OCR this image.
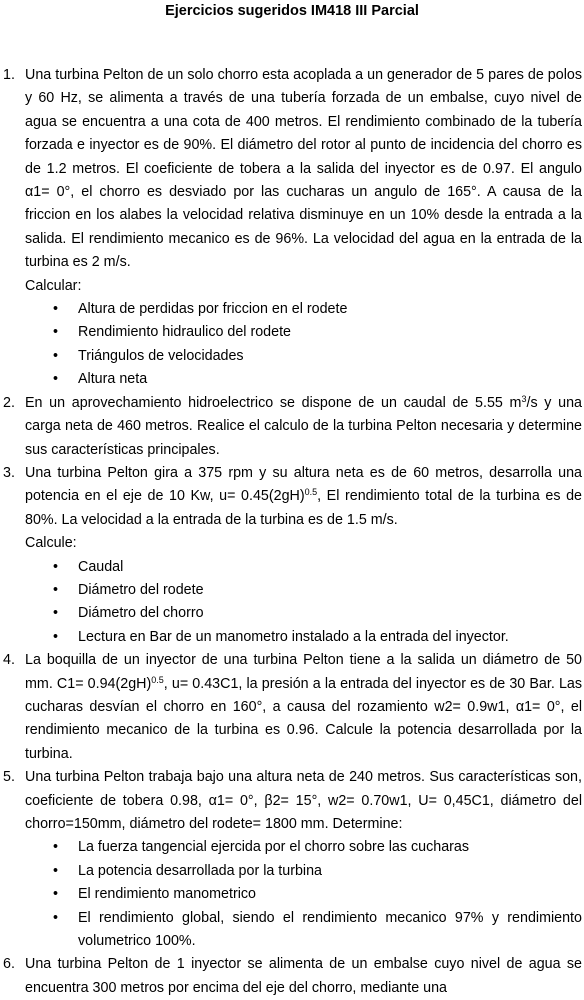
Ejercicios sugeridos IM418 III Parcial
1. Una turbina Pelton de un solo chorro esta acoplada a un generador de 5 pares de polos y 60 Hz, se alimenta a través de una tubería forzada de un embalse, cuyo nivel de agua se encuentra a una cota de 400 metros. El rendimiento combinado de la tubería forzada e inyector es de 90%. El diámetro del rotor al punto de incidencia del chorro es de 1.2 metros. El coeficiente de tobera a la salida del inyector es de 0.97. El angulo α1= 0°, el chorro es desviado por las cucharas un angulo de 165°. A causa de la friccion en los alabes la velocidad relativa disminuye en un 10% desde la entrada a la salida. El rendimiento mecanico es de 96%. La velocidad del agua en la entrada de la turbina es 2 m/s.

Calcular:

• Altura de perdidas por friccion en el rodete
• Rendimiento hidraulico del rodete
• Triángulos de velocidades
• Altura neta
2. En un aprovechamiento hidroelectrico se dispone de un caudal de 5.55 $m^3/s$ y una carga neta de 460 metros. Realice el calculo de la turbina Pelton necesaria y determine sus características principales.

3. Una turbina Pelton gira a 375 rpm y su altura neta es de 60 metros, desarrolla una potencia en el eje de 10 Kw, $u= 0.45(2gH)^{0.5}$, El rendimiento total de la turbina es de 80%. La velocidad a la entrada de la turbina es de 1.5 m/s.

Calcule:

• Caudal
• Diámetro del rodete
• Diámetro del chorro
• Lectura en Bar de un manometro instalado a la entrada del inyector.
4. La boquilla de un inyector de una turbina Pelton tiene a la salida un diámetro de 50 mm. $C1= 0.94(2gH)^{0.5}$, u= 0.43C1, la presión a la entrada del inyector es de 30 Bar. Las cucharas desvían el chorro en 160°, a causa del rozamiento w2= 0.9w1, α1= 0°, el rendimiento mecanico de la turbina es 0.96. Calcule la potencia desarrollada por la turbina.

5. Una turbina Pelton trabaja bajo una altura neta de 240 metros. Sus características son, coeficiente de tobera 0.98, α1= 0°, β2= 15°, w2= 0.70w1, U= 0,45C1, diámetro del chorro=150mm, diámetro del rodete= 1800 mm. Determine:

• La fuerza tangencial ejercida por el chorro sobre las cucharas
• La potencia desarrollada por la turbina
• El rendimiento manometrico
• El rendimiento global, siendo el rendimiento mecanico 97% y rendimiento volumetrico 100%.
6. Una turbina Pelton de 1 inyector se alimenta de un embalse cuyo nivel de agua se encuentra 300 metros por encima del eje del chorro, mediante una
